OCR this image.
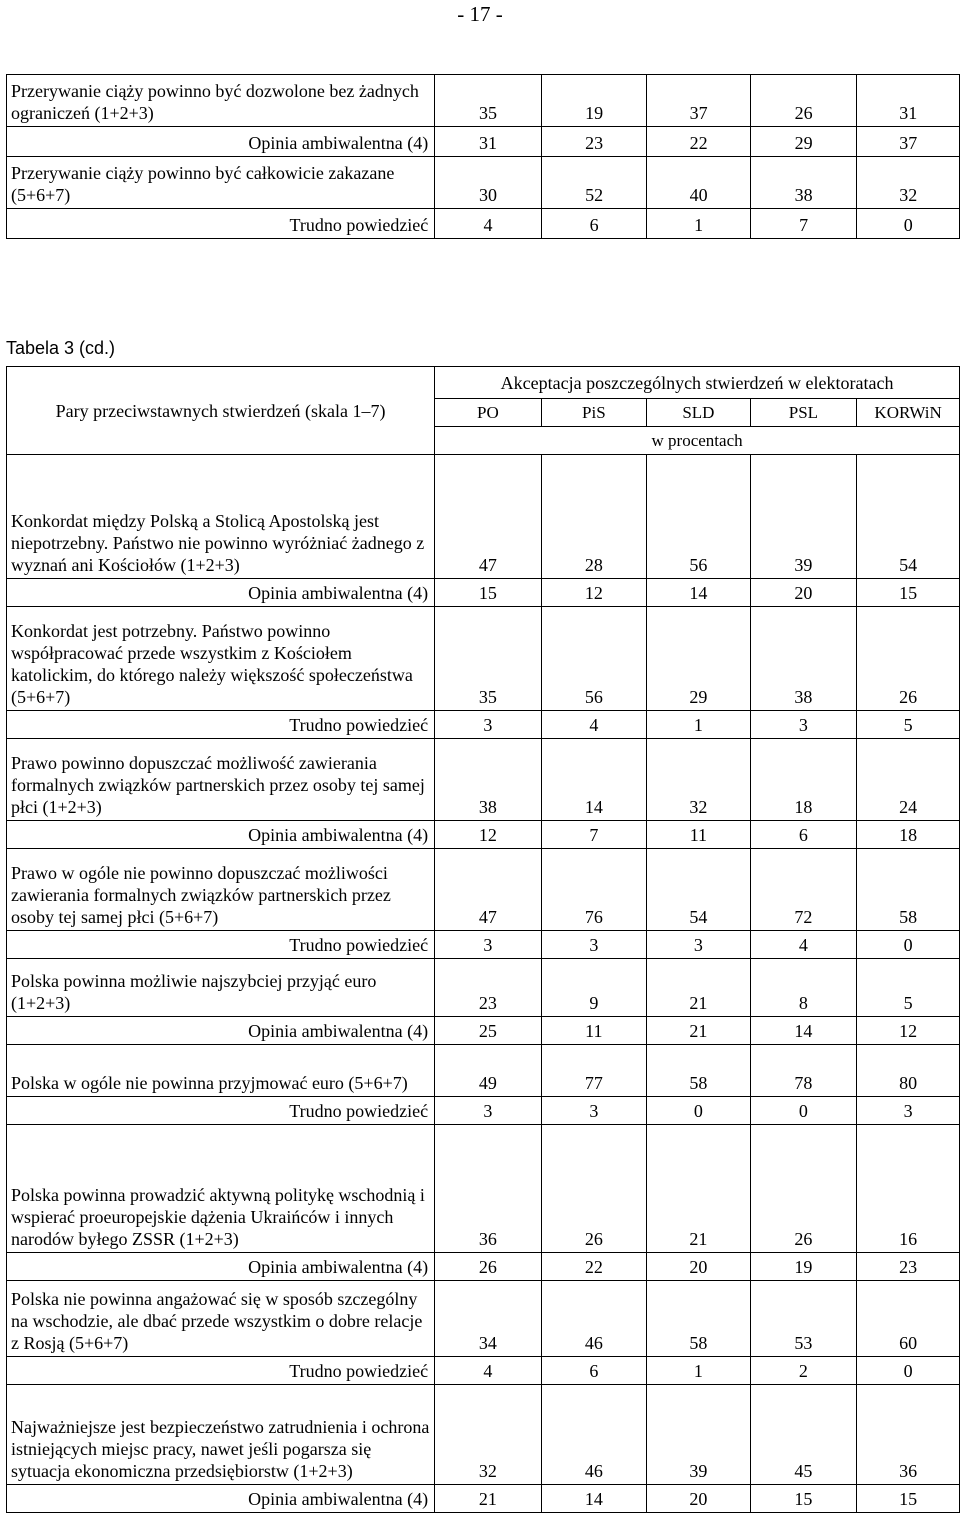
- 17 -
Przerywanie ciąży powinno być dozwolone bez żadnych ograniczeń (1+2+3)	35	19	37	26	31
Opinia ambiwalentna (4)	31	23	22	29	37
Przerywanie ciąży powinno być całkowicie zakazane (5+6+7)	30	52	40	38	32
Trudno powiedzieć	4	6	1	7	0
Tabela 3 (cd.)
Pary przeciwstawnych stwierdzeń (skala 1–7)	Akceptacja poszczególnych stwierdzeń w elektoratach				
	PO	PiS	SLD	PSL	KORWiN
	w procentach				
Konkordat między Polską a Stolicą Apostolską jest niepotrzebny. Państwo nie powinno wyróżniać żadnego z wyznań ani Kościołów (1+2+3)	47	28	56	39	54
Opinia ambiwalentna (4)	15	12	14	20	15
Konkordat jest potrzebny. Państwo powinno współpracować przede wszystkim z Kościołem katolickim, do którego należy większość społeczeństwa (5+6+7)	35	56	29	38	26
Trudno powiedzieć	3	4	1	3	5
Prawo powinno dopuszczać możliwość zawierania formalnych związków partnerskich przez osoby tej samej płci (1+2+3)	38	14	32	18	24
Opinia ambiwalentna (4)	12	7	11	6	18
Prawo w ogóle nie powinno dopuszczać możliwości zawierania formalnych związków partnerskich przez osoby tej samej płci (5+6+7)	47	76	54	72	58
Trudno powiedzieć	3	3	3	4	0
Polska powinna możliwie najszybciej przyjąć euro (1+2+3)	23	9	21	8	5
Opinia ambiwalentna (4)	25	11	21	14	12
Polska w ogóle nie powinna przyjmować euro (5+6+7)	49	77	58	78	80
Trudno powiedzieć	3	3	0	0	3
Polska powinna prowadzić aktywną politykę wschodnią i wspierać proeuropejskie dążenia Ukraińców i innych narodów byłego ZSSR (1+2+3)	36	26	21	26	16
Opinia ambiwalentna (4)	26	22	20	19	23
Polska nie powinna angażować się w sposób szczególny na wschodzie, ale dbać przede wszystkim o dobre relacje z Rosją (5+6+7)	34	46	58	53	60
Trudno powiedzieć	4	6	1	2	0
Najważniejsze jest bezpieczeństwo zatrudnienia i ochrona istniejących miejsc pracy, nawet jeśli pogarsza się sytuacja ekonomiczna przedsiębiorstw (1+2+3)	32	46	39	45	36
Opinia ambiwalentna (4)	21	14	20	15	15
